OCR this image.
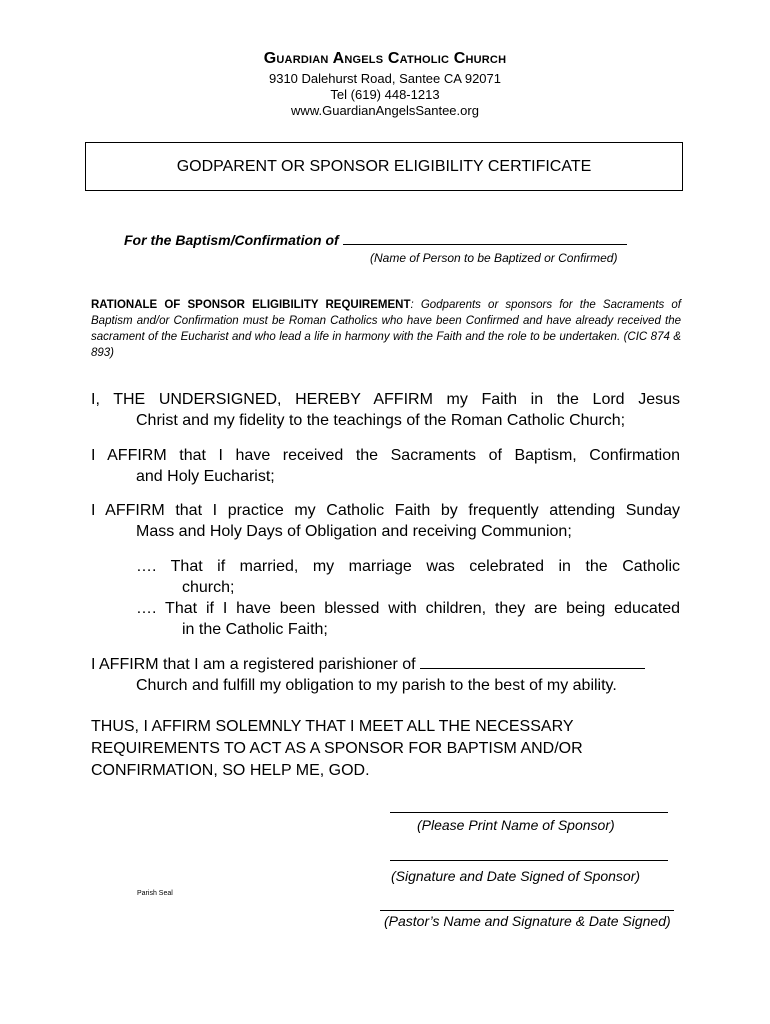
Guardian Angels Catholic Church
9310 Dalehurst Road, Santee CA 92071
Tel (619) 448-1213
www.GuardianAngelsSantee.org
GODPARENT OR SPONSOR ELIGIBILITY CERTIFICATE
For the Baptism/Confirmation of
(Name of Person to be Baptized or Confirmed)
RATIONALE OF SPONSOR ELIGIBILITY REQUIREMENT: Godparents or sponsors for the Sacraments of Baptism and/or Confirmation must be Roman Catholics who have been Confirmed and have already received the sacrament of the Eucharist and who lead a life in harmony with the Faith and the role to be undertaken. (CIC 874 & 893)
I, THE UNDERSIGNED, HEREBY AFFIRM my Faith in the Lord Jesus
Christ and my fidelity to the teachings of the Roman Catholic Church;
I AFFIRM that I have received the Sacraments of Baptism, Confirmation
and Holy Eucharist;
I AFFIRM that I practice my Catholic Faith by frequently attending Sunday
Mass and Holy Days of Obligation and receiving Communion;
…. That if married, my marriage was celebrated in the Catholic
church;
…. That if I have been blessed with children, they are being educated
in the Catholic Faith;
I AFFIRM that I am a registered parishioner of
Church and fulfill my obligation to my parish to the best of my ability.
THUS, I AFFIRM SOLEMNLY THAT I MEET ALL THE NECESSARY REQUIREMENTS TO ACT AS A SPONSOR FOR BAPTISM AND/OR CONFIRMATION, SO HELP ME, GOD.
(Please Print Name of Sponsor)
(Signature and Date Signed of Sponsor)
Parish Seal
(Pastor’s Name and Signature & Date Signed)
